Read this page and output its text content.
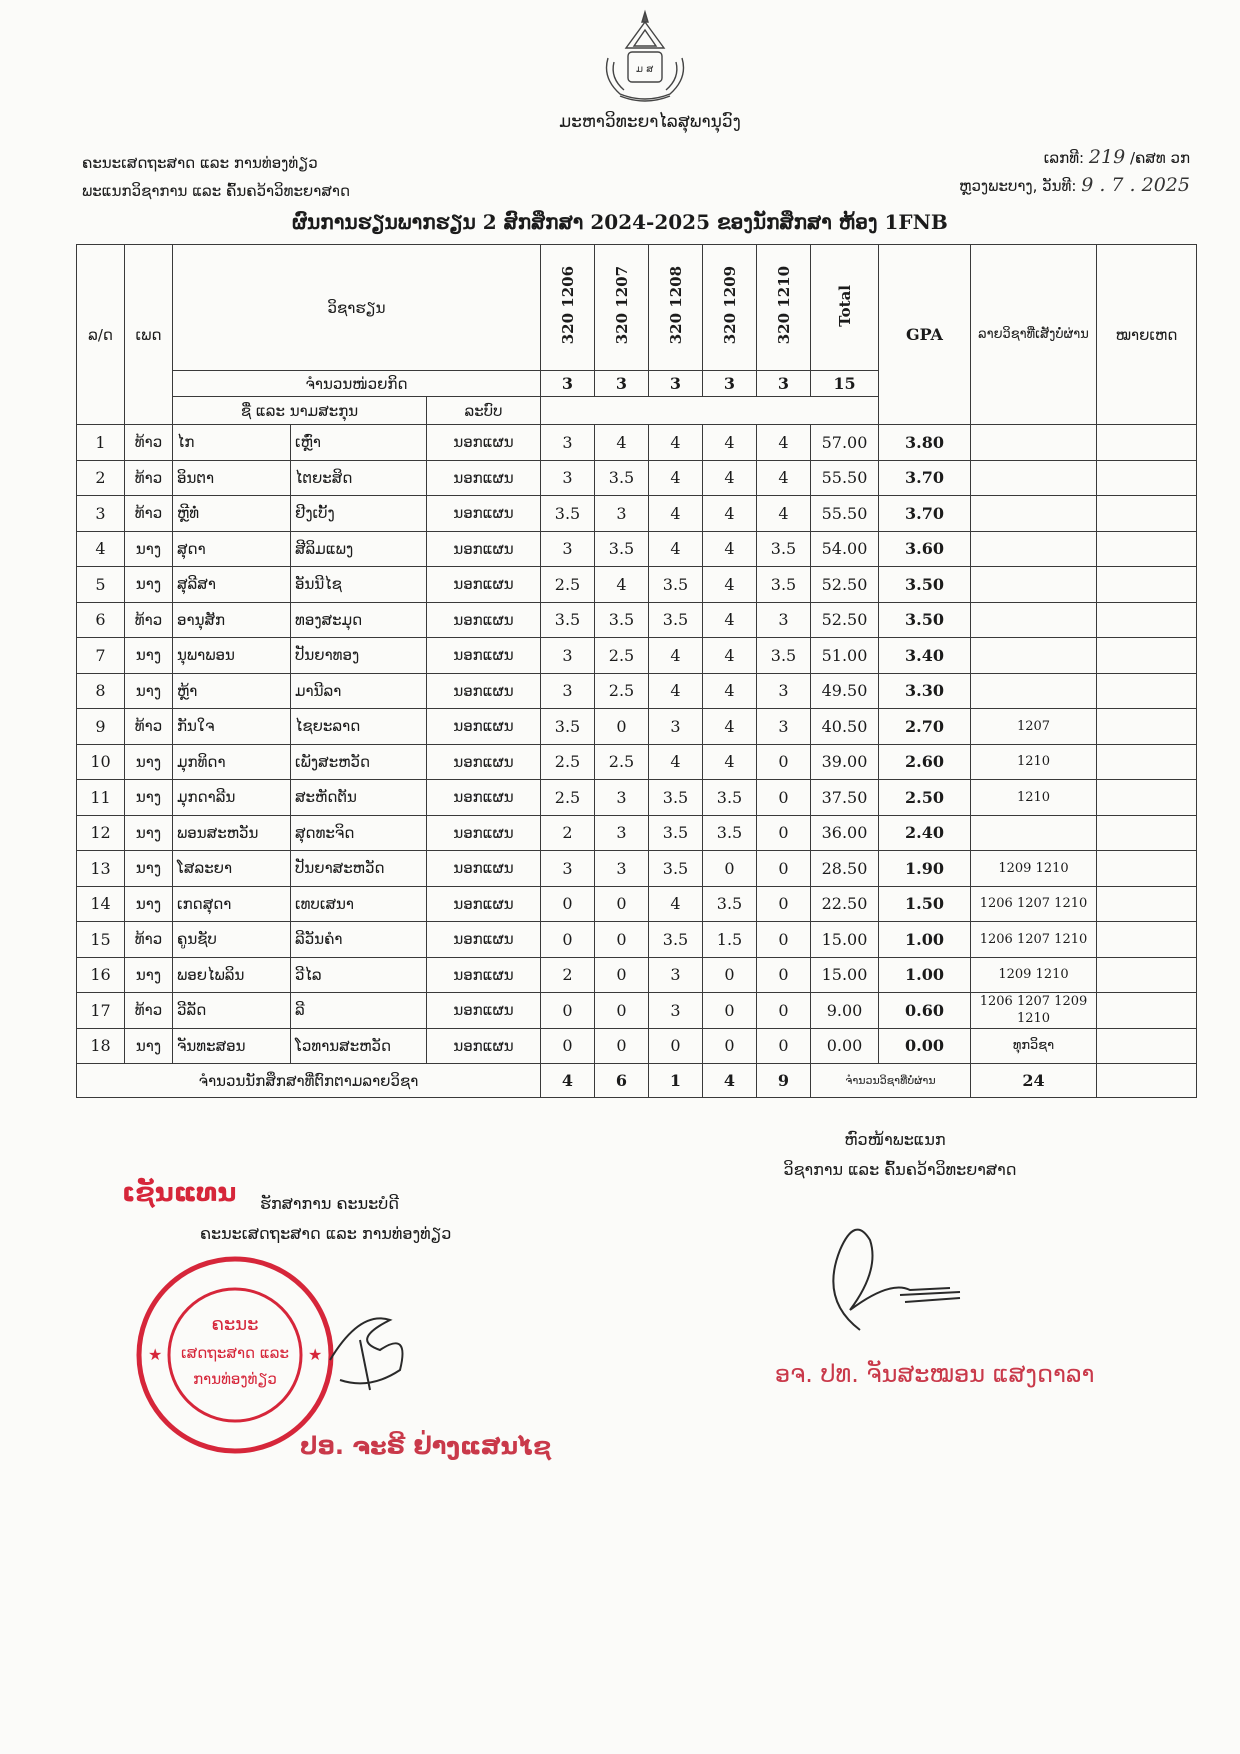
ມ ສ
ມະຫາວິທະຍາໄລສຸພານຸວົງ
ຄະນະເສດຖະສາດ ແລະ ການທ່ອງທ່ຽວ
ພະແນກວິຊາການ ແລະ ຄົ້ນຄວ້າວິທະຍາສາດ
ເລກທີ: 219 /ຄສທ ວກ
ຫຼວງພະບາງ, ວັນທີ: 9 . 7 . 2025
ຜົນການຮຽນພາກຮຽນ 2 ສົກສຶກສາ 2024-2025 ຂອງນັກສຶກສາ ຫ້ອງ 1FNB
ລ/ດ	ເພດ	ວິຊາຮຽນ			320 1206	320 1207	320 1208	320 1209	320 1210	Total	GPA	ລາຍວິຊາທີ່ເສັງບໍ່ຜ່ານ	ໝາຍເຫດ
		ຈຳນວນໜ່ວຍກິດ			3	3	3	3	3	15			
		ຊື່ ແລະ ນາມສະກຸນ		ລະບົບ									
1	ທ້າວ	ໄກ	ເຫຼົ່າ	ນອກແຜນ	3	4	4	4	4	57.00	3.80		
2	ທ້າວ	ອິນຕາ	ໄຕຍະສິດ	ນອກແຜນ	3	3.5	4	4	4	55.50	3.70		
3	ທ້າວ	ຫຼີທໍ່	ຢີງເບັ້ງ	ນອກແຜນ	3.5	3	4	4	4	55.50	3.70		
4	ນາງ	ສຸດາ	ສີລິມແພງ	ນອກແຜນ	3	3.5	4	4	3.5	54.00	3.60		
5	ນາງ	ສຸລີສາ	ອັນນີໄຊ	ນອກແຜນ	2.5	4	3.5	4	3.5	52.50	3.50		
6	ທ້າວ	ອານຸສັກ	ທອງສະມຸດ	ນອກແຜນ	3.5	3.5	3.5	4	3	52.50	3.50		
7	ນາງ	ນຸພາພອນ	ປັນຍາທອງ	ນອກແຜນ	3	2.5	4	4	3.5	51.00	3.40		
8	ນາງ	ຫຼ້າ	ມານີລາ	ນອກແຜນ	3	2.5	4	4	3	49.50	3.30		
9	ທ້າວ	ກັນໃຈ	ໄຊຍະລາດ	ນອກແຜນ	3.5	0	3	4	3	40.50	2.70	1207	
10	ນາງ	ມຸກທິດາ	ເພັງສະຫວັດ	ນອກແຜນ	2.5	2.5	4	4	0	39.00	2.60	1210	
11	ນາງ	ມຸກດາລີນ	ສະຫັດຕັນ	ນອກແຜນ	2.5	3	3.5	3.5	0	37.50	2.50	1210	
12	ນາງ	ພອນສະຫວັນ	ສຸດທະຈິດ	ນອກແຜນ	2	3	3.5	3.5	0	36.00	2.40		
13	ນາງ	ໂສລະຍາ	ປັນຍາສະຫວັດ	ນອກແຜນ	3	3	3.5	0	0	28.50	1.90	1209 1210	
14	ນາງ	ເກດສຸດາ	ເທບເສນາ	ນອກແຜນ	0	0	4	3.5	0	22.50	1.50	1206 1207 1210	
15	ທ້າວ	ຄູນຊັບ	ລີວັນຄຳ	ນອກແຜນ	0	0	3.5	1.5	0	15.00	1.00	1206 1207 1210	
16	ນາງ	ພອຍໄພລິນ	ວີໄລ	ນອກແຜນ	2	0	3	0	0	15.00	1.00	1209 1210	
17	ທ້າວ	ວີລັດ	ລີ	ນອກແຜນ	0	0	3	0	0	9.00	0.60	1206 1207 1209 1210	
18	ນາງ	ຈັນທະສອນ	ໂວທານສະຫວັດ	ນອກແຜນ	0	0	0	0	0	0.00	0.00	ທຸກວິຊາ	
ຈຳນວນນັກສຶກສາທີ່ຕົກຕາມລາຍວິຊາ					4	6	1	4	9	ຈຳນວນວິຊາທີ່ບໍ່ຜ່ານ		24	
ຫົວໜ້າພະແນກ
ວິຊາການ ແລະ ຄົ້ນຄວ້າວິທະຍາສາດ
ອຈ. ປທ. ຈັນສະໝອນ ແສງດາລາ
ເຊັນແທນ ຮັກສາການ ຄະນະບໍດີ
ຄະນະເສດຖະສາດ ແລະ ການທ່ອງທ່ຽວ
★	★
ຄະນະ
ເສດຖະສາດ ແລະ
ການທ່ອງທ່ຽວ
ປອ. ຈະຣີ ຢ່າງແສນໄຊ
